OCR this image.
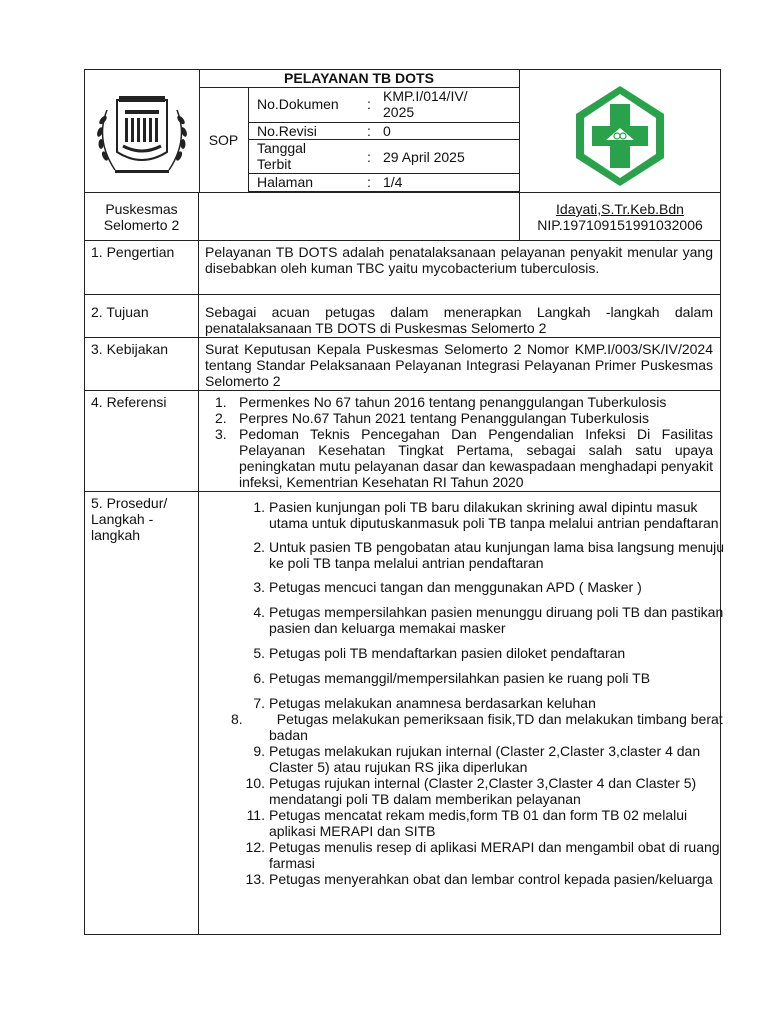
PELAYANAN TB DOTS
SOP
No.Dokumen : KMP.I/014/IV/
2025
No.Revisi	: 0
Tanggal
Terbit	: 29 April 2025
Halaman	: 1/4
Puskesmas
Selomerto 2
Idayati,S.Tr.Keb.Bdn
NIP.197109151991032006
1. Pengertian	Pelayanan TB DOTS adalah penatalaksanaan pelayanan penyakit menular yang disebabkan oleh kuman TBC yaitu mycobacterium tuberculosis.
2. Tujuan	Sebagai acuan petugas dalam menerapkan Langkah -langkah dalam penatalaksanaan TB DOTS di Puskesmas Selomerto 2
3. Kebijakan	Surat Keputusan Kepala Puskesmas Selomerto 2 Nomor KMP.I/003/SK/IV/2024 tentang Standar Pelaksanaan Pelayanan Integrasi Pelayanan Primer Puskesmas Selomerto 2
4. Referensi	1. Permenkes No 67 tahun 2016 tentang penanggulangan Tuberkulosis
2. Perpres No.67 Tahun 2021 tentang Penanggulangan Tuberkulosis
3. Pedoman Teknis Pencegahan Dan Pengendalian Infeksi Di Fasilitas Pelayanan Kesehatan Tingkat Pertama, sebagai salah satu upaya peningkatan mutu pelayanan dasar dan kewaspadaan menghadapi penyakit infeksi, Kementrian Kesehatan RI Tahun 2020
5. Prosedur/
Langkah -
langkah
1. Pasien kunjungan poli TB baru dilakukan skrining awal dipintu masuk utama untuk diputuskanmasuk poli TB tanpa melalui antrian pendaftaran
2. Untuk pasien TB pengobatan atau kunjungan lama bisa langsung menuju ke poli TB tanpa melalui antrian pendaftaran
3. Petugas mencuci tangan dan menggunakan APD ( Masker )
4. Petugas mempersilahkan pasien menunggu diruang poli TB dan pastikan pasien dan keluarga memakai masker
5. Petugas poli TB mendaftarkan pasien diloket pendaftaran
6. Petugas memanggil/mempersilahkan pasien ke ruang poli TB
7. Petugas melakukan anamnesa berdasarkan keluhan
8.	Petugas melakukan pemeriksaan fisik,TD dan melakukan timbang berat badan
9. Petugas melakukan rujukan internal (Claster 2,Claster 3,claster 4 dan Claster 5) atau rujukan RS jika diperlukan
10. Petugas rujukan internal (Claster 2,Claster 3,Claster 4 dan Claster 5) mendatangi poli TB dalam memberikan pelayanan
11. Petugas mencatat rekam medis,form TB 01 dan form TB 02 melalui aplikasi MERAPI dan SITB
12. Petugas menulis resep di aplikasi MERAPI dan mengambil obat di ruang farmasi
13. Petugas menyerahkan obat dan lembar control kepada pasien/keluarga
